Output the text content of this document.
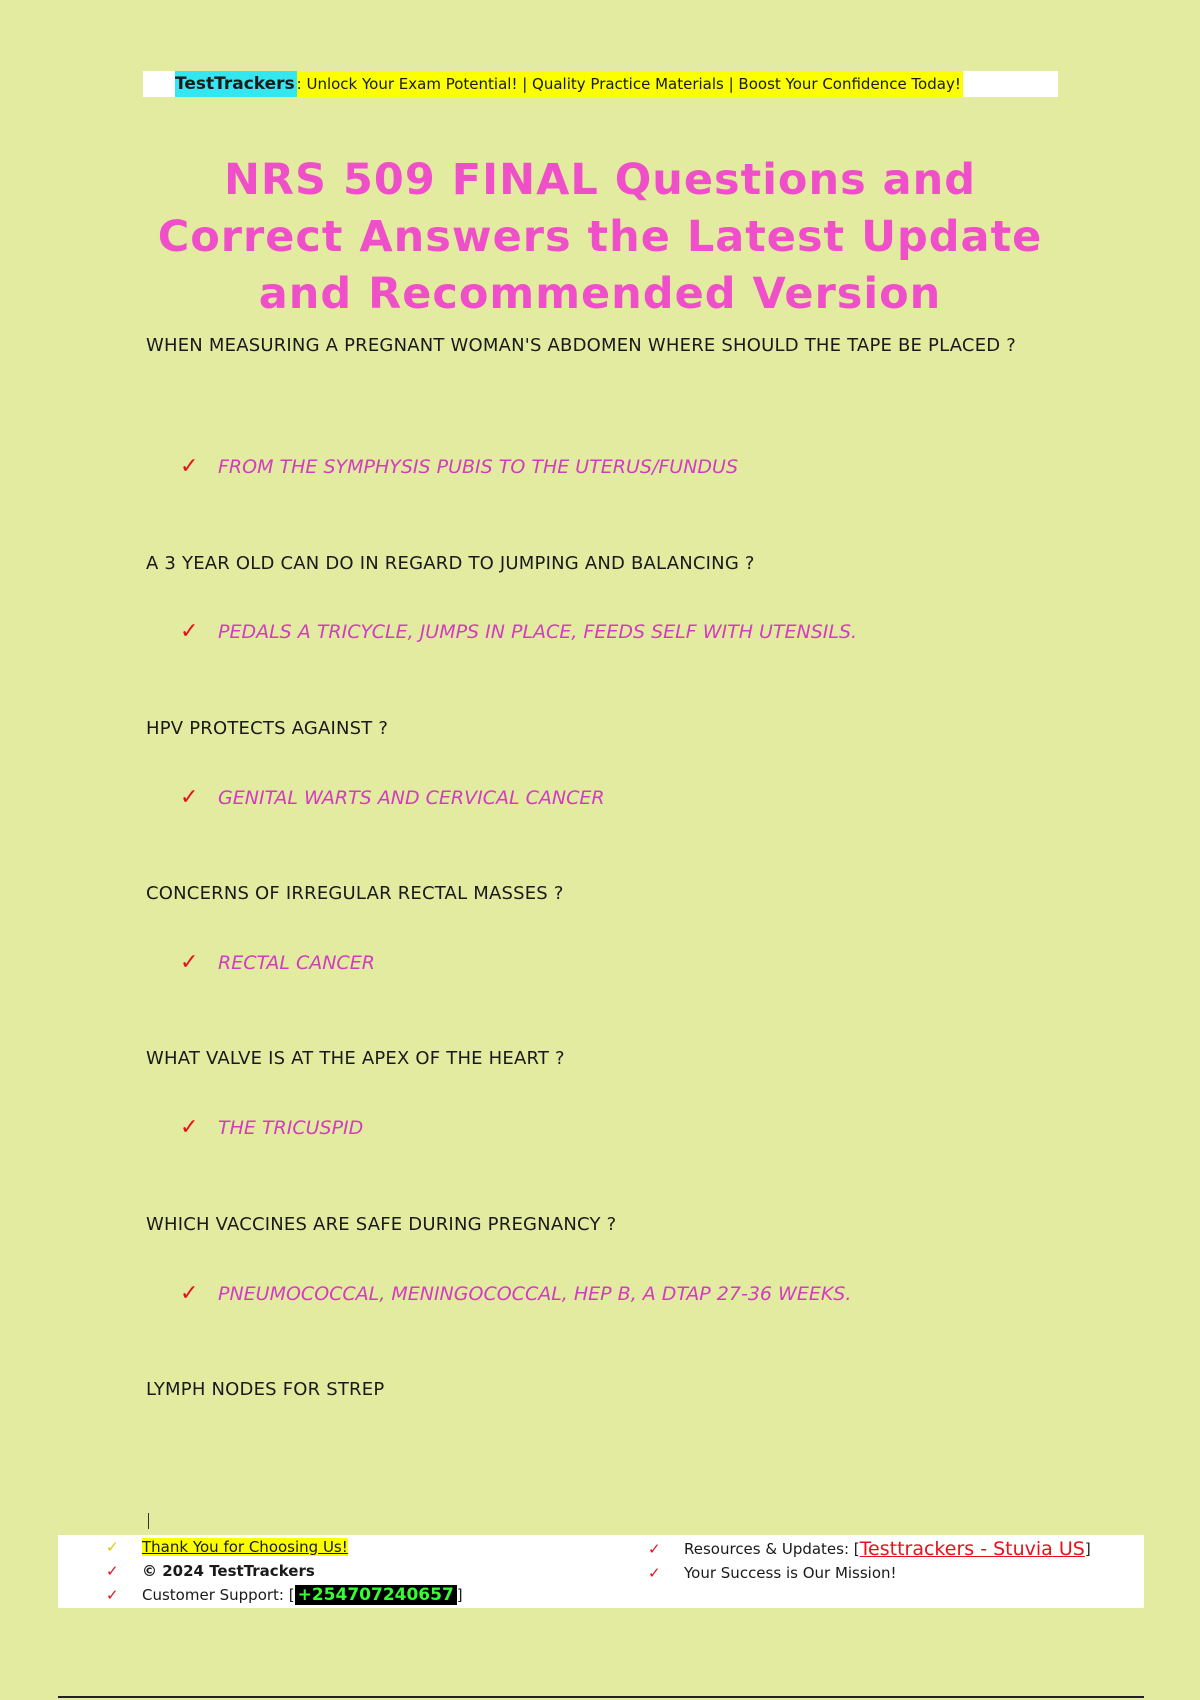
TestTrackers : Unlock Your Exam Potential! | Quality Practice Materials | Boost Your Confidence Today!
NRS 509 FINAL Questions and Correct Answers the Latest Update and Recommended Version

WHEN MEASURING A PREGNANT WOMAN'S ABDOMEN WHERE SHOULD THE TAPE BE PLACED ?

✓	FROM THE SYMPHYSIS PUBIS TO THE UTERUS/FUNDUS

A 3 YEAR OLD CAN DO IN REGARD TO JUMPING AND BALANCING ?

✓	PEDALS A TRICYCLE, JUMPS IN PLACE, FEEDS SELF WITH UTENSILS.

HPV PROTECTS AGAINST ?

✓	GENITAL WARTS AND CERVICAL CANCER

CONCERNS OF IRREGULAR RECTAL MASSES ?

✓	RECTAL CANCER

WHAT VALVE IS AT THE APEX OF THE HEART ?

✓	THE TRICUSPID

WHICH VACCINES ARE SAFE DURING PREGNANCY ?

✓	PNEUMOCOCCAL, MENINGOCOCCAL, HEP B, A DTAP 27-36 WEEKS.

LYMPH NODES FOR STREP

✓	Thank You for Choosing Us!
✓	© 2024 TestTrackers
✓	Customer Support: [ +254707240657 ]
✓	Resources & Updates: [ Testtrackers - Stuvia US ]
✓	Your Success is Our Mission!
